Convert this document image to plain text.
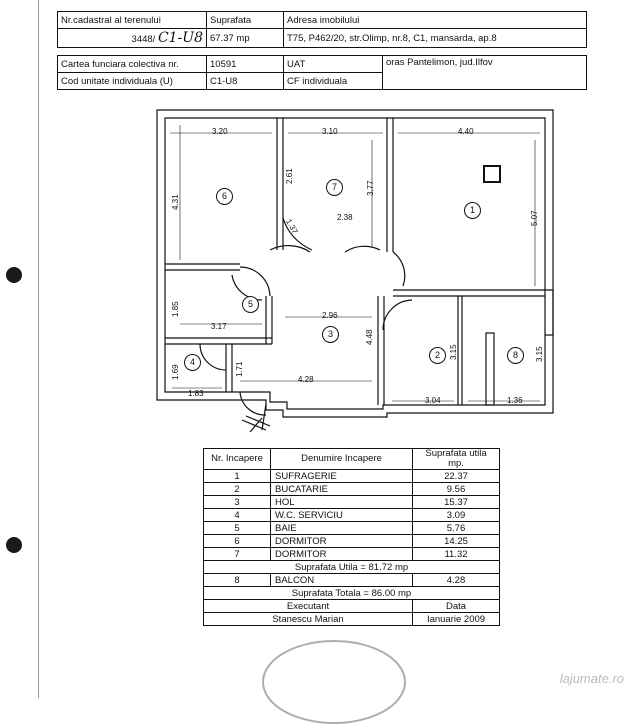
Nr.cadastral al terenului	Suprafata	Adresa imobilului
3448/ C1-U8	67.37 mp	T75, P462/20, str.Olimp, nr.8, C1, mansarda, ap.8
Cartea funciara colectiva nr.	10591	UAT	oras Pantelimon, jud.Ilfov
Cod unitate individuala (U)	C1-U8	CF individuala	
3.20	3.10	4.40
4.31
2.61
3.77
1.37
2.38	5.07
2.96
4.48
1.85
3.17
1.69
1.83
1.71
4.28
3.15
3.04
3.15
1.36
1
2
3
4
5
6
7
8
Nr. Incapere	Denumire Incapere	Suprafata utila mp.
1	SUFRAGERIE	22.37
2	BUCATARIE	9.56
3	HOL	15.37
4	W.C. SERVICIU	3.09
5	BAIE	5.76
6	DORMITOR	14.25
7	DORMITOR	11.32
Suprafata Utila = 81.72 mp		
8	BALCON	4.28
Suprafata Totala = 86.00 mp		
Executant		Data
Stanescu Marian		Ianuarie 2009
lajumate.ro
